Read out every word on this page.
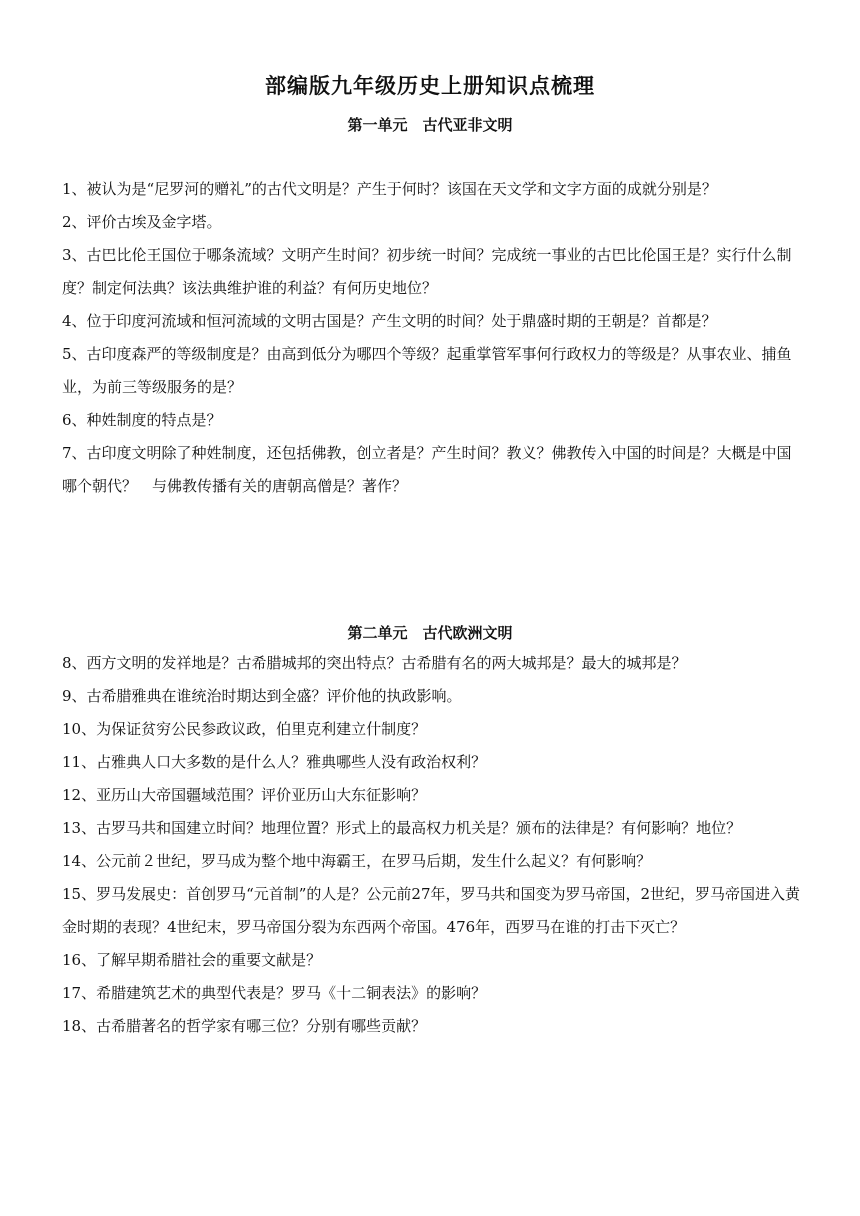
部编版九年级历史上册知识点梳理
第一单元　古代亚非文明
1、被认为是“尼罗河的赠礼”的古代文明是？产生于何时？该国在天文学和文字方面的成就分别是？
2、评价古埃及金字塔。
3、古巴比伦王国位于哪条流域？文明产生时间？初步统一时间？完成统一事业的古巴比伦国王是？实行什么制度？制定何法典？该法典维护谁的利益？有何历史地位？
4、位于印度河流域和恒河流域的文明古国是？产生文明的时间？处于鼎盛时期的王朝是？首都是？
5、古印度森严的等级制度是？由高到低分为哪四个等级？起重掌管军事何行政权力的等级是？从事农业、捕鱼业，为前三等级服务的是？
6、种姓制度的特点是？
7、古印度文明除了种姓制度，还包括佛教，创立者是？产生时间？教义？佛教传入中国的时间是？大概是中国哪个朝代？　与佛教传播有关的唐朝高僧是？著作？
第二单元　古代欧洲文明
8、西方文明的发祥地是？古希腊城邦的突出特点？古希腊有名的两大城邦是？最大的城邦是？
9、古希腊雅典在谁统治时期达到全盛？评价他的执政影响。
10、为保证贫穷公民参政议政，伯里克利建立什制度？
11、占雅典人口大多数的是什么人？雅典哪些人没有政治权利？
12、亚历山大帝国疆域范围？评价亚历山大东征影响？
13、古罗马共和国建立时间？地理位置？形式上的最高权力机关是？颁布的法律是？有何影响？地位？
14、公元前２世纪，罗马成为整个地中海霸王，在罗马后期，发生什么起义？有何影响？
15、罗马发展史：首创罗马“元首制”的人是？公元前27年，罗马共和国变为罗马帝国，2世纪，罗马帝国进入黄金时期的表现？4世纪末，罗马帝国分裂为东西两个帝国。476年，西罗马在谁的打击下灭亡？
16、了解早期希腊社会的重要文献是？
17、希腊建筑艺术的典型代表是？罗马《十二铜表法》的影响？
18、古希腊著名的哲学家有哪三位？分别有哪些贡献？
